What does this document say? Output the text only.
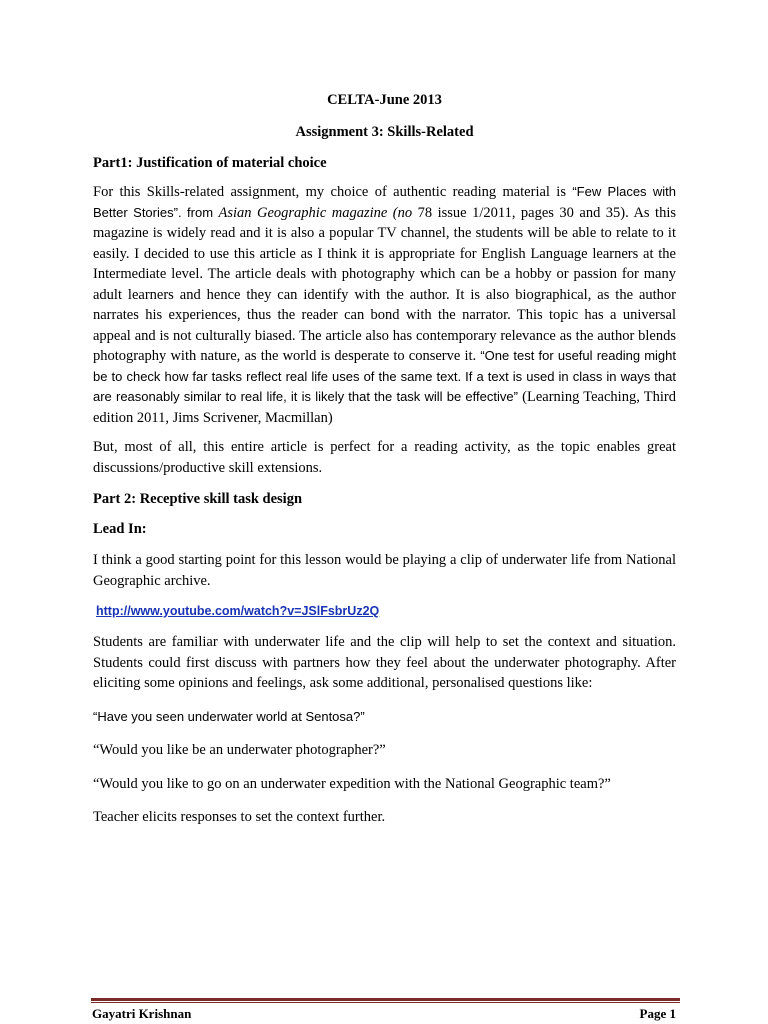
CELTA-June 2013
Assignment 3: Skills-Related
Part1: Justification of material choice

For this Skills-related assignment, my choice of authentic reading material is “Few Places with Better Stories”. from Asian Geographic magazine (no 78 issue 1/2011, pages 30 and 35). As this magazine is widely read and it is also a popular TV channel, the students will be able to relate to it easily. I decided to use this article as I think it is appropriate for English Language learners at the Intermediate level. The article deals with photography which can be a hobby or passion for many adult learners and hence they can identify with the author. It is also biographical, as the author narrates his experiences, thus the reader can bond with the narrator. This topic has a universal appeal and is not culturally biased. The article also has contemporary relevance as the author blends photography with nature, as the world is desperate to conserve it. “One test for useful reading might be to check how far tasks reflect real life uses of the same text. If a text is used in class in ways that are reasonably similar to real life, it is likely that the task will be effective” (Learning Teaching, Third edition 2011, Jims Scrivener, Macmillan)

But, most of all, this entire article is perfect for a reading activity, as the topic enables great discussions/productive skill extensions.

Part 2: Receptive skill task design
Lead In:

I think a good starting point for this lesson would be playing a clip of underwater life from National Geographic archive.

http://www.youtube.com/watch?v=JSlFsbrUz2Q

Students are familiar with underwater life and the clip will help to set the context and situation. Students could first discuss with partners how they feel about the underwater photography. After eliciting some opinions and feelings, ask some additional, personalised questions like:

“Have you seen underwater world at Sentosa?”

“Would you like be an underwater photographer?”

“Would you like to go on an underwater expedition with the National Geographic team?”

Teacher elicits responses to set the context further.

Gayatri Krishnan	Page 1
